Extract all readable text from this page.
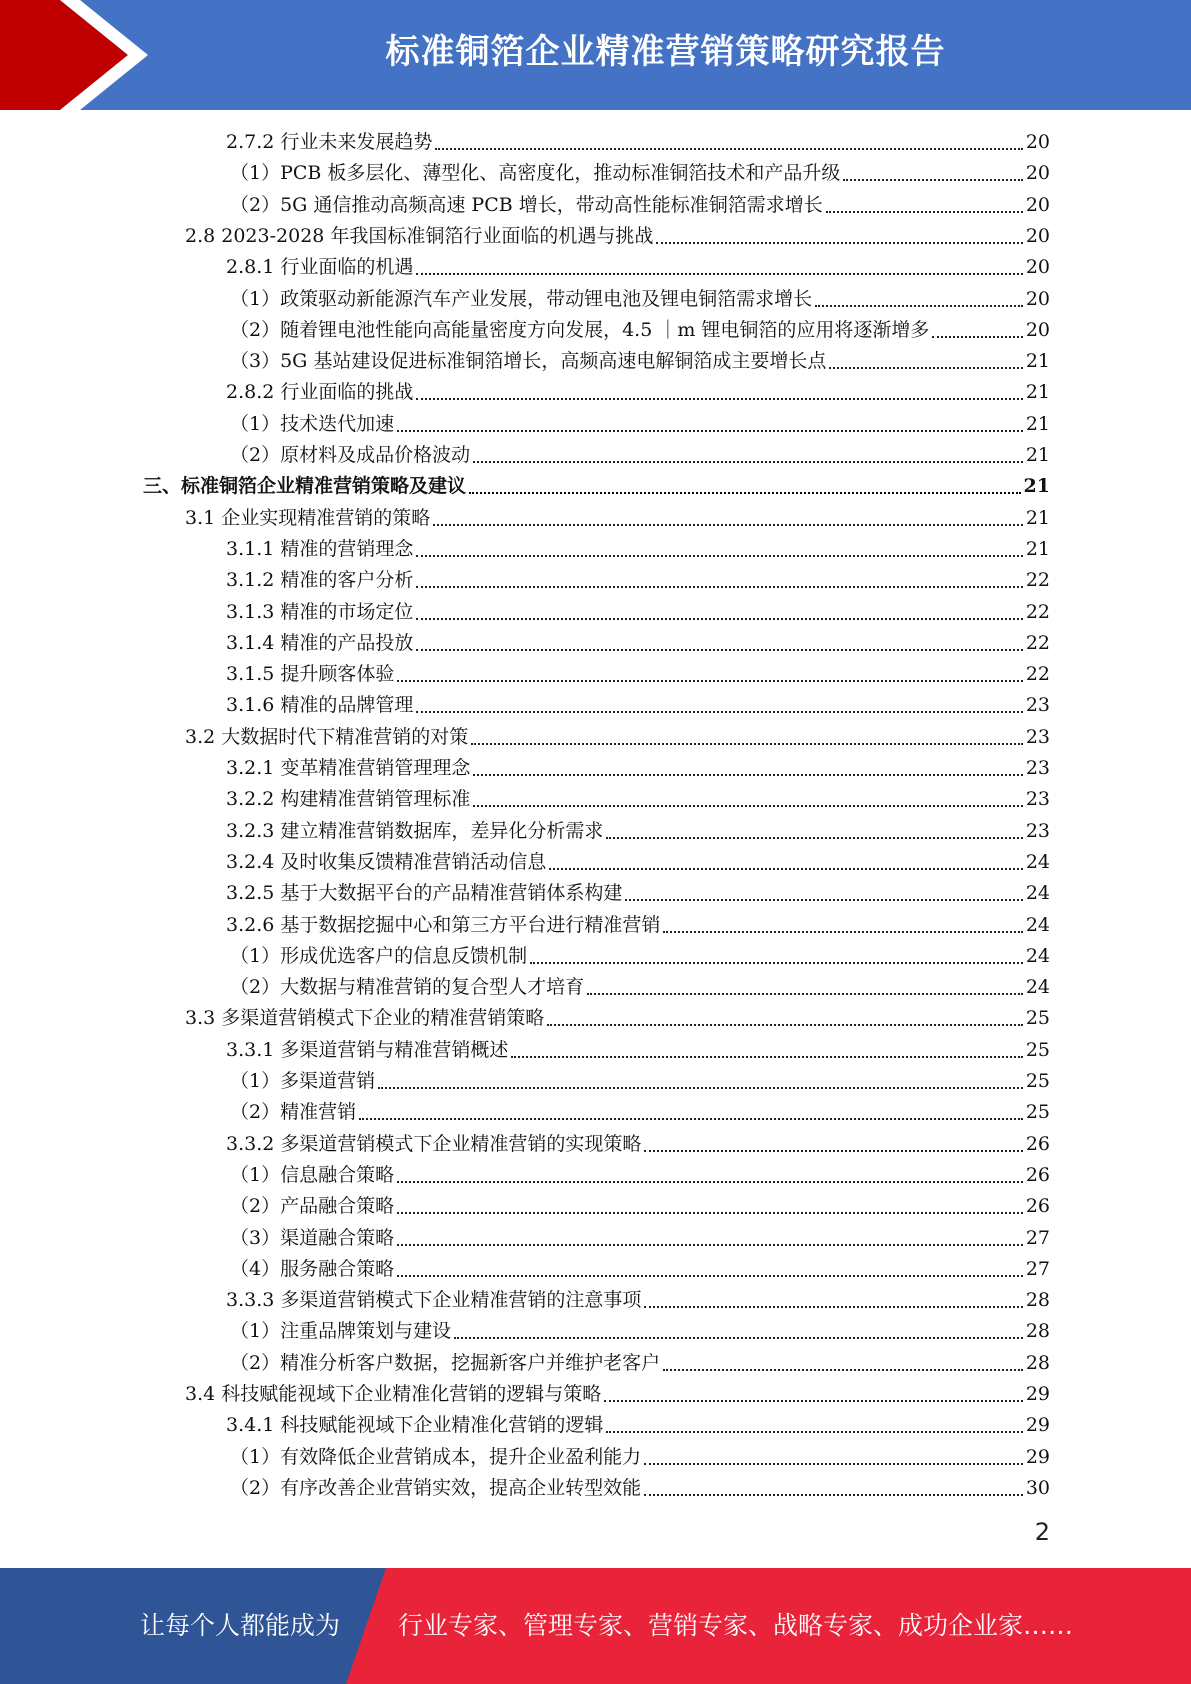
标准铜箔企业精准营销策略研究报告
2.7.2 行业未来发展趋势	20
（1）PCB 板多层化、薄型化、高密度化，推动标准铜箔技术和产品升级	20
（2）5G 通信推动高频高速 PCB 增长，带动高性能标准铜箔需求增长	20
2.8 2023-2028 年我国标准铜箔行业面临的机遇与挑战	20
2.8.1 行业面临的机遇	20
（1）政策驱动新能源汽车产业发展，带动锂电池及锂电铜箔需求增长	20
（2）随着锂电池性能向高能量密度方向发展，4.5 ｜m 锂电铜箔的应用将逐渐增多	20
（3）5G 基站建设促进标准铜箔增长，高频高速电解铜箔成主要增长点	21
2.8.2 行业面临的挑战	21
（1）技术迭代加速	21
（2）原材料及成品价格波动	21
三、标准铜箔企业精准营销策略及建议	21
3.1 企业实现精准营销的策略	21
3.1.1 精准的营销理念	21
3.1.2 精准的客户分析	22
3.1.3 精准的市场定位	22
3.1.4 精准的产品投放	22
3.1.5 提升顾客体验	22
3.1.6 精准的品牌管理	23
3.2 大数据时代下精准营销的对策	23
3.2.1 变革精准营销管理理念	23
3.2.2 构建精准营销管理标准	23
3.2.3 建立精准营销数据库，差异化分析需求	23
3.2.4 及时收集反馈精准营销活动信息	24
3.2.5 基于大数据平台的产品精准营销体系构建	24
3.2.6 基于数据挖掘中心和第三方平台进行精准营销	24
（1）形成优选客户的信息反馈机制	24
（2）大数据与精准营销的复合型人才培育	24
3.3 多渠道营销模式下企业的精准营销策略	25
3.3.1 多渠道营销与精准营销概述	25
（1）多渠道营销	25
（2）精准营销	25
3.3.2 多渠道营销模式下企业精准营销的实现策略	26
（1）信息融合策略	26
（2）产品融合策略	26
（3）渠道融合策略	27
（4）服务融合策略	27
3.3.3 多渠道营销模式下企业精准营销的注意事项	28
（1）注重品牌策划与建设	28
（2）精准分析客户数据，挖掘新客户并维护老客户	28
3.4 科技赋能视域下企业精准化营销的逻辑与策略	29
3.4.1 科技赋能视域下企业精准化营销的逻辑	29
（1）有效降低企业营销成本，提升企业盈利能力	29
（2）有序改善企业营销实效，提高企业转型效能	30
2
让每个人都能成为 行业专家、管理专家、营销专家、战略专家、成功企业家……
